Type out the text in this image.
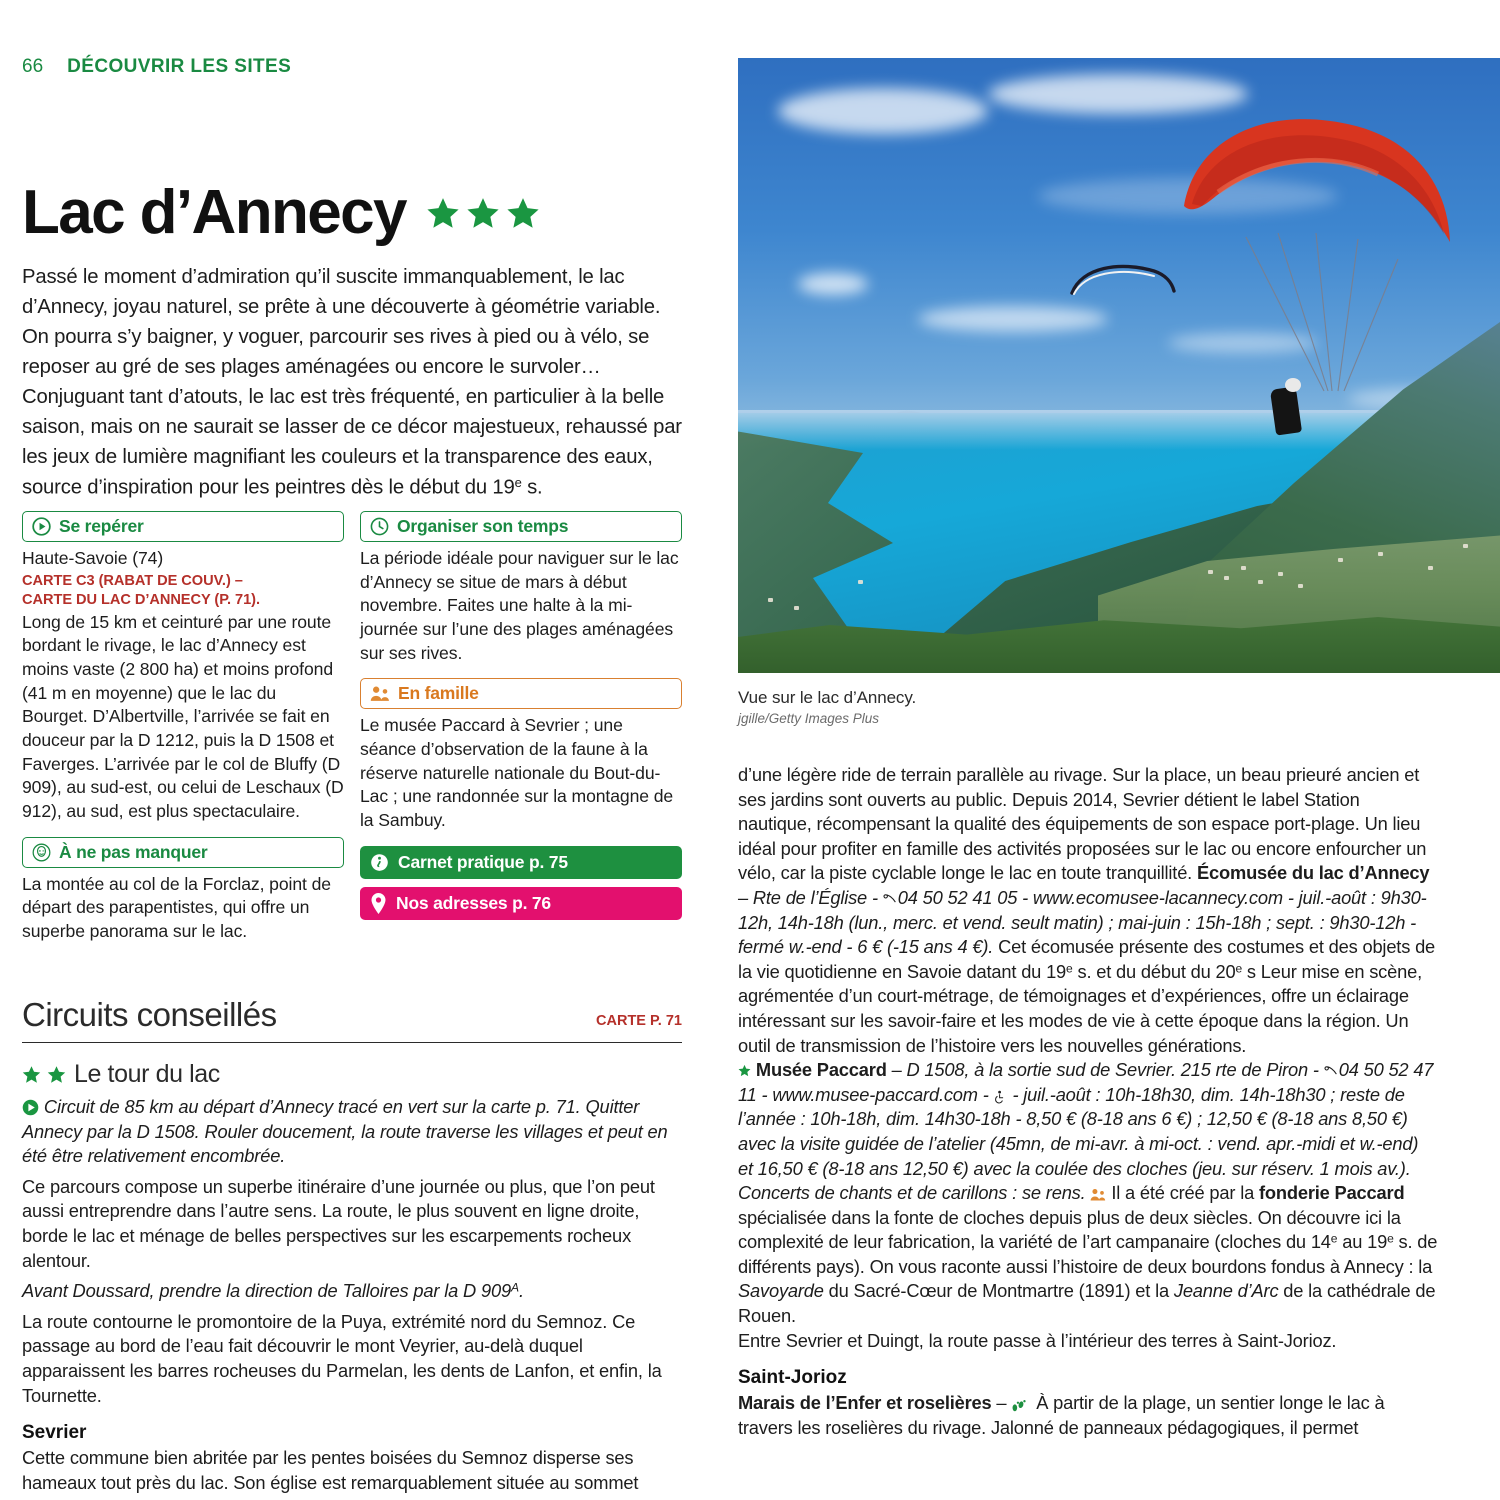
66 DÉCOUVRIR LES SITES
Lac d’Annecy

Passé le moment d’admiration qu’il suscite immanquablement, le lac d’Annecy, joyau naturel, se prête à une découverte à géométrie variable. On pourra s’y baigner, y voguer, parcourir ses rives à pied ou à vélo, se reposer au gré de ses plages aménagées ou encore le survoler… Conjuguant tant d’atouts, le lac est très fréquenté, en particulier à la belle saison, mais on ne saurait se lasser de ce décor majestueux, rehaussé par les jeux de lumière magnifiant les couleurs et la transparence des eaux, source d’inspiration pour les peintres dès le début du 19e s.

Se repérer
Haute-Savoie (74)
CARTE C3 (RABAT DE COUV.) –
CARTE DU LAC D’ANNECY (P. 71).
Long de 15 km et ceinturé par une route bordant le rivage, le lac d’Annecy est moins vaste (2 800 ha) et moins profond (41 m en moyenne) que le lac du Bourget. D’Albertville, l’arrivée se fait en douceur par la D 1212, puis la D 1508 et Faverges. L’arrivée par le col de Bluffy (D 909), au sud-est, ou celui de Leschaux (D 912), au sud, est plus spectaculaire.
À ne pas manquer
La montée au col de la Forclaz, point de départ des parapentistes, qui offre un superbe panorama sur le lac.
Organiser son temps
La période idéale pour naviguer sur le lac d’Annecy se situe de mars à début novembre. Faites une halte à la mi-journée sur l’une des plages aménagées sur ses rives.
En famille
Le musée Paccard à Sevrier ; une séance d’observation de la faune à la réserve naturelle nationale du Bout-du-Lac ; une randonnée sur la montagne de la Sambuy.
Carnet pratique p. 75
Nos adresses p. 76
Circuits conseillés	CARTE P. 71
Le tour du lac

Circuit de 85 km au départ d’Annecy tracé en vert sur la carte p. 71. Quitter Annecy par la D 1508. Rouler doucement, la route traverse les villages et peut en été être relativement encombrée.

Ce parcours compose un superbe itinéraire d’une journée ou plus, que l’on peut aussi entreprendre dans l’autre sens. La route, le plus souvent en ligne droite, borde le lac et ménage de belles perspectives sur les escarpements rocheux alentour.

Avant Doussard, prendre la direction de Talloires par la D $909^A$.

La route contourne le promontoire de la Puya, extrémité nord du Semnoz. Ce passage au bord de l’eau fait découvrir le mont Veyrier, au-delà duquel apparaissent les barres rocheuses du Parmelan, les dents de Lanfon, et enfin, la Tournette.

Sevrier

Cette commune bien abritée par les pentes boisées du Semnoz disperse ses hameaux tout près du lac. Son église est remarquablement située au sommet

Vue sur le lac d’Annecy.
jgille/Getty Images Plus

d’une légère ride de terrain parallèle au rivage. Sur la place, un beau prieuré ancien et ses jardins sont ouverts au public. Depuis 2014, Sevrier détient le label Station nautique, récompensant la qualité des équipements de son espace port-plage. Un lieu idéal pour profiter en famille des activités proposées sur le lac ou encore enfourcher un vélo, car la piste cyclable longe le lac en toute tranquillité. Écomusée du lac d’Annecy – Rte de l’Église - 04 50 52 41 05 - www.ecomusee-lacannecy.com - juil.-août : 9h30-12h, 14h-18h (lun., merc. et vend. seult matin) ; mai-juin : 15h-18h ; sept. : 9h30-12h - fermé w.-end - 6 € (-15 ans 4 €). Cet écomusée présente des costumes et des objets de la vie quotidienne en Savoie datant du 19e s. et du début du 20e s Leur mise en scène, agrémentée d’un court-métrage, de témoignages et d’expériences, offre un éclairage intéressant sur les savoir-faire et les modes de vie à cette époque dans la région. Un outil de transmission de l’histoire vers les nouvelles générations.

Musée Paccard – D 1508, à la sortie sud de Sevrier. 215 rte de Piron - 04 50 52 47 11 - www.musee-paccard.com -  - juil.-août : 10h-18h30, dim. 14h-18h30 ; reste de l’année : 10h-18h, dim. 14h30-18h - 8,50 € (8-18 ans 6 €) ; 12,50 € (8-18 ans 8,50 €) avec la visite guidée de l’atelier (45mn, de mi-avr. à mi-oct. : vend. apr.-midi et w.-end) et 16,50 € (8-18 ans 12,50 €) avec la coulée des cloches (jeu. sur réserv. 1 mois av.). Concerts de chants et de carillons : se rens.  Il a été créé par la fonderie Paccard spécialisée dans la fonte de cloches depuis plus de deux siècles. On découvre ici la complexité de leur fabrication, la variété de l’art campanaire (cloches du 14e au 19e s. de différents pays). On vous raconte aussi l’histoire de deux bourdons fondus à Annecy : la Savoyarde du Sacré-Cœur de Montmartre (1891) et la Jeanne d’Arc de la cathédrale de Rouen.

Entre Sevrier et Duingt, la route passe à l’intérieur des terres à Saint-Jorioz.

Saint-Jorioz

Marais de l’Enfer et roselières –  À partir de la plage, un sentier longe le lac à travers les roselières du rivage. Jalonné de panneaux pédagogiques, il permet
